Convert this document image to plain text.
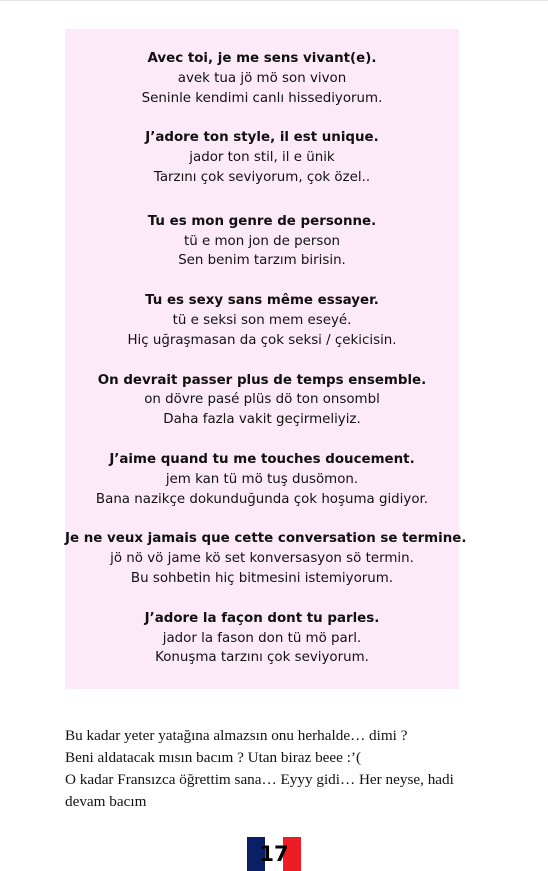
Avec toi, je me sens vivant(e).
avek tua jö mö son vivon
Seninle kendimi canlı hissediyorum.
J’adore ton style, il est unique.
jador ton stil, il e ünik
Tarzını çok seviyorum, çok özel..
Tu es mon genre de personne.
tü e mon jon de person
Sen benim tarzım birisin.
Tu es sexy sans même essayer.
tü e seksi son mem eseyé.
Hiç uğraşmasan da çok seksi / çekicisin.
On devrait passer plus de temps ensemble.
on dövre pasé plüs dö ton onsombl
Daha fazla vakit geçirmeliyiz.
J’aime quand tu me touches doucement.
jem kan tü mö tuş dusömon.
Bana nazikçe dokunduğunda çok hoşuma gidiyor.
Je ne veux jamais que cette conversation se termine.
jö nö vö jame kö set konversasyon sö termin.
Bu sohbetin hiç bitmesini istemiyorum.
J’adore la façon dont tu parles.
jador la fason don tü mö parl.
Konuşma tarzını çok seviyorum.
Bu kadar yeter yatağına almazsın onu herhalde… dimi ?
Beni aldatacak mısın bacım ? Utan biraz beee :’(
O kadar Fransızca öğrettim sana… Eyyy gidi… Her neyse, hadi
devam bacım
17
